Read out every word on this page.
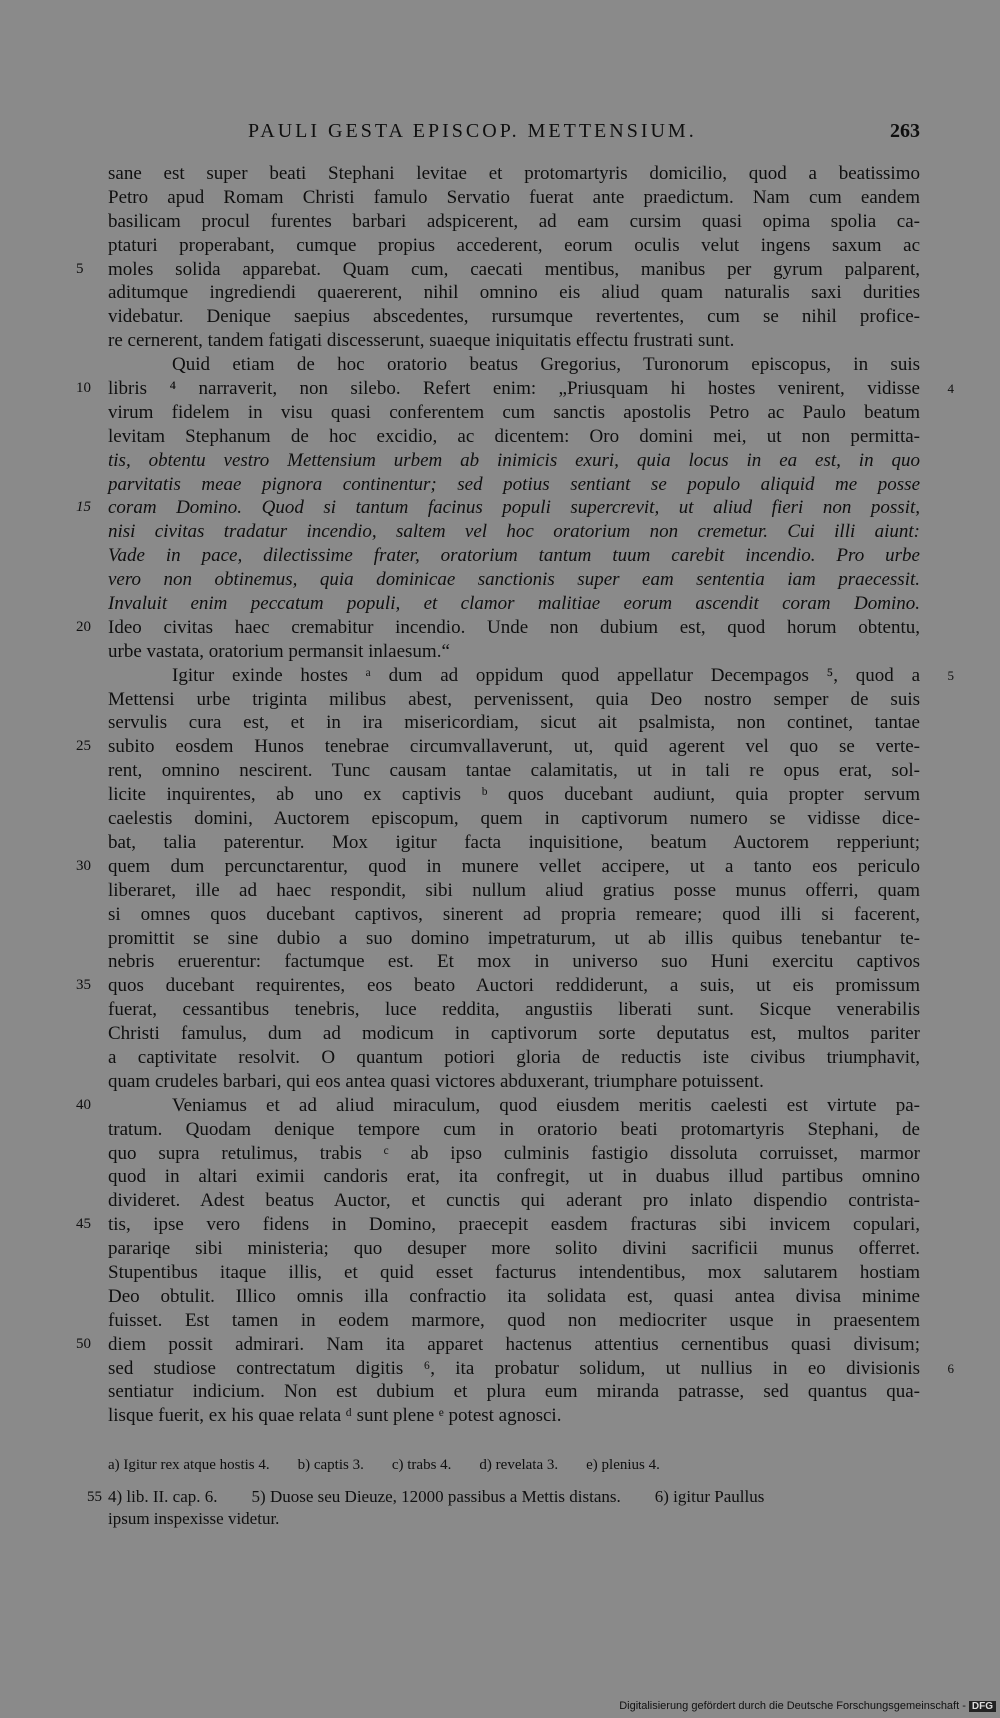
PAULI GESTA EPISCOP. METTENSIUM.	263
sane est super beati Stephani levitae et protomartyris domicilio, quod a beatissimo
Petro apud Romam Christi famulo Servatio fuerat ante praedictum. Nam cum eandem
basilicam procul furentes barbari adspicerent, ad eam cursim quasi opima spolia ca-
ptaturi properabant, cumque propius accederent, eorum oculis velut ingens saxum ac
5	moles solida apparebat. Quam cum, caecati mentibus, manibus per gyrum palparent,
aditumque ingrediendi quaererent, nihil omnino eis aliud quam naturalis saxi durities
videbatur. Denique saepius abscedentes, rursumque revertentes, cum se nihil profice-
re cernerent, tandem fatigati discesserunt, suaeque iniquitatis effectu frustrati sunt.
Quid etiam de hoc oratorio beatus Gregorius, Turonorum episcopus, in suis
10 libris ⁴ narraverit, non silebo. Refert enim: „Priusquam hi hostes venirent, vidisse 4
virum fidelem in visu quasi conferentem cum sanctis apostolis Petro ac Paulo beatum
levitam Stephanum de hoc excidio, ac dicentem: Oro domini mei, ut non permitta-
tis, obtentu vestro Mettensium urbem ab inimicis exuri, quia locus in ea est, in quo
parvitatis meae pignora continentur; sed potius sentiant se populo aliquid me posse
15 coram Domino. Quod si tantum facinus populi supercrevit, ut aliud fieri non possit,
nisi civitas tradatur incendio, saltem vel hoc oratorium non cremetur. Cui illi aiunt:
Vade in pace, dilectissime frater, oratorium tantum tuum carebit incendio. Pro urbe
vero non obtinemus, quia dominicae sanctionis super eam sententia iam praecessit.
Invaluit enim peccatum populi, et clamor malitiae eorum ascendit coram Domino.
20 Ideo civitas haec cremabitur incendio. Unde non dubium est, quod horum obtentu,
urbe vastata, oratorium permansit inlaesum.“
Igitur exinde hostes ᵃ dum ad oppidum quod appellatur Decempagos ⁵, quod a 5
Mettensi urbe triginta milibus abest, pervenissent, quia Deo nostro semper de suis
servulis cura est, et in ira misericordiam, sicut ait psalmista, non continet, tantae
25 subito eosdem Hunos tenebrae circumvallaverunt, ut, quid agerent vel quo se verte-
rent, omnino nescirent. Tunc causam tantae calamitatis, ut in tali re opus erat, sol-
licite inquirentes, ab uno ex captivis ᵇ quos ducebant audiunt, quia propter servum
caelestis domini, Auctorem episcopum, quem in captivorum numero se vidisse dice-
bat, talia paterentur. Mox igitur facta inquisitione, beatum Auctorem repperiunt;
30 quem dum percunctarentur, quod in munere vellet accipere, ut a tanto eos periculo
liberaret, ille ad haec respondit, sibi nullum aliud gratius posse munus offerri, quam
si omnes quos ducebant captivos, sinerent ad propria remeare; quod illi si facerent,
promittit se sine dubio a suo domino impetraturum, ut ab illis quibus tenebantur te-
nebris eruerentur: factumque est. Et mox in universo suo Huni exercitu captivos
35 quos ducebant requirentes, eos beato Auctori reddiderunt, a suis, ut eis promissum
fuerat, cessantibus tenebris, luce reddita, angustiis liberati sunt. Sicque venerabilis
Christi famulus, dum ad modicum in captivorum sorte deputatus est, multos pariter
a captivitate resolvit. O quantum potiori gloria de reductis iste civibus triumphavit,
quam crudeles barbari, qui eos antea quasi victores abduxerant, triumphare potuissent.
40	Veniamus et ad aliud miraculum, quod eiusdem meritis caelesti est virtute pa-
tratum. Quodam denique tempore cum in oratorio beati protomartyris Stephani, de
quo supra retulimus, trabis ᶜ ab ipso culminis fastigio dissoluta corruisset, marmor
quod in altari eximii candoris erat, ita confregit, ut in duabus illud partibus omnino
divideret. Adest beatus Auctor, et cunctis qui aderant pro inlato dispendio contrista-
45 tis, ipse vero fidens in Domino, praecepit easdem fracturas sibi invicem copulari,
parariqe sibi ministeria; quo desuper more solito divini sacrificii munus offerret.
Stupentibus itaque illis, et quid esset facturus intendentibus, mox salutarem hostiam
Deo obtulit. Illico omnis illa confractio ita solidata est, quasi antea divisa minime
fuisset. Est tamen in eodem marmore, quod non mediocriter usque in praesentem
50 diem possit admirari. Nam ita apparet hactenus attentius cernentibus quasi divisum;
sed studiose contrectatum digitis ⁶, ita probatur solidum, ut nullius in eo divisionis 6
sentiatur indicium. Non est dubium et plura eum miranda patrasse, sed quantus qua-
lisque fuerit, ex his quae relata ᵈ sunt plene ᵉ potest agnosci.
a) Igitur rex atque hostis 4. b) captis 3. c) trabs 4. d) revelata 3. e) plenius 4.
55 4) lib. II. cap. 6. 5) Duose seu Dieuze, 12000 passibus a Mettis distans. 6) igitur Paullus
ipsum inspexisse videtur.
Digitalisierung gefördert durch die Deutsche Forschungsgemeinschaft - DFG
